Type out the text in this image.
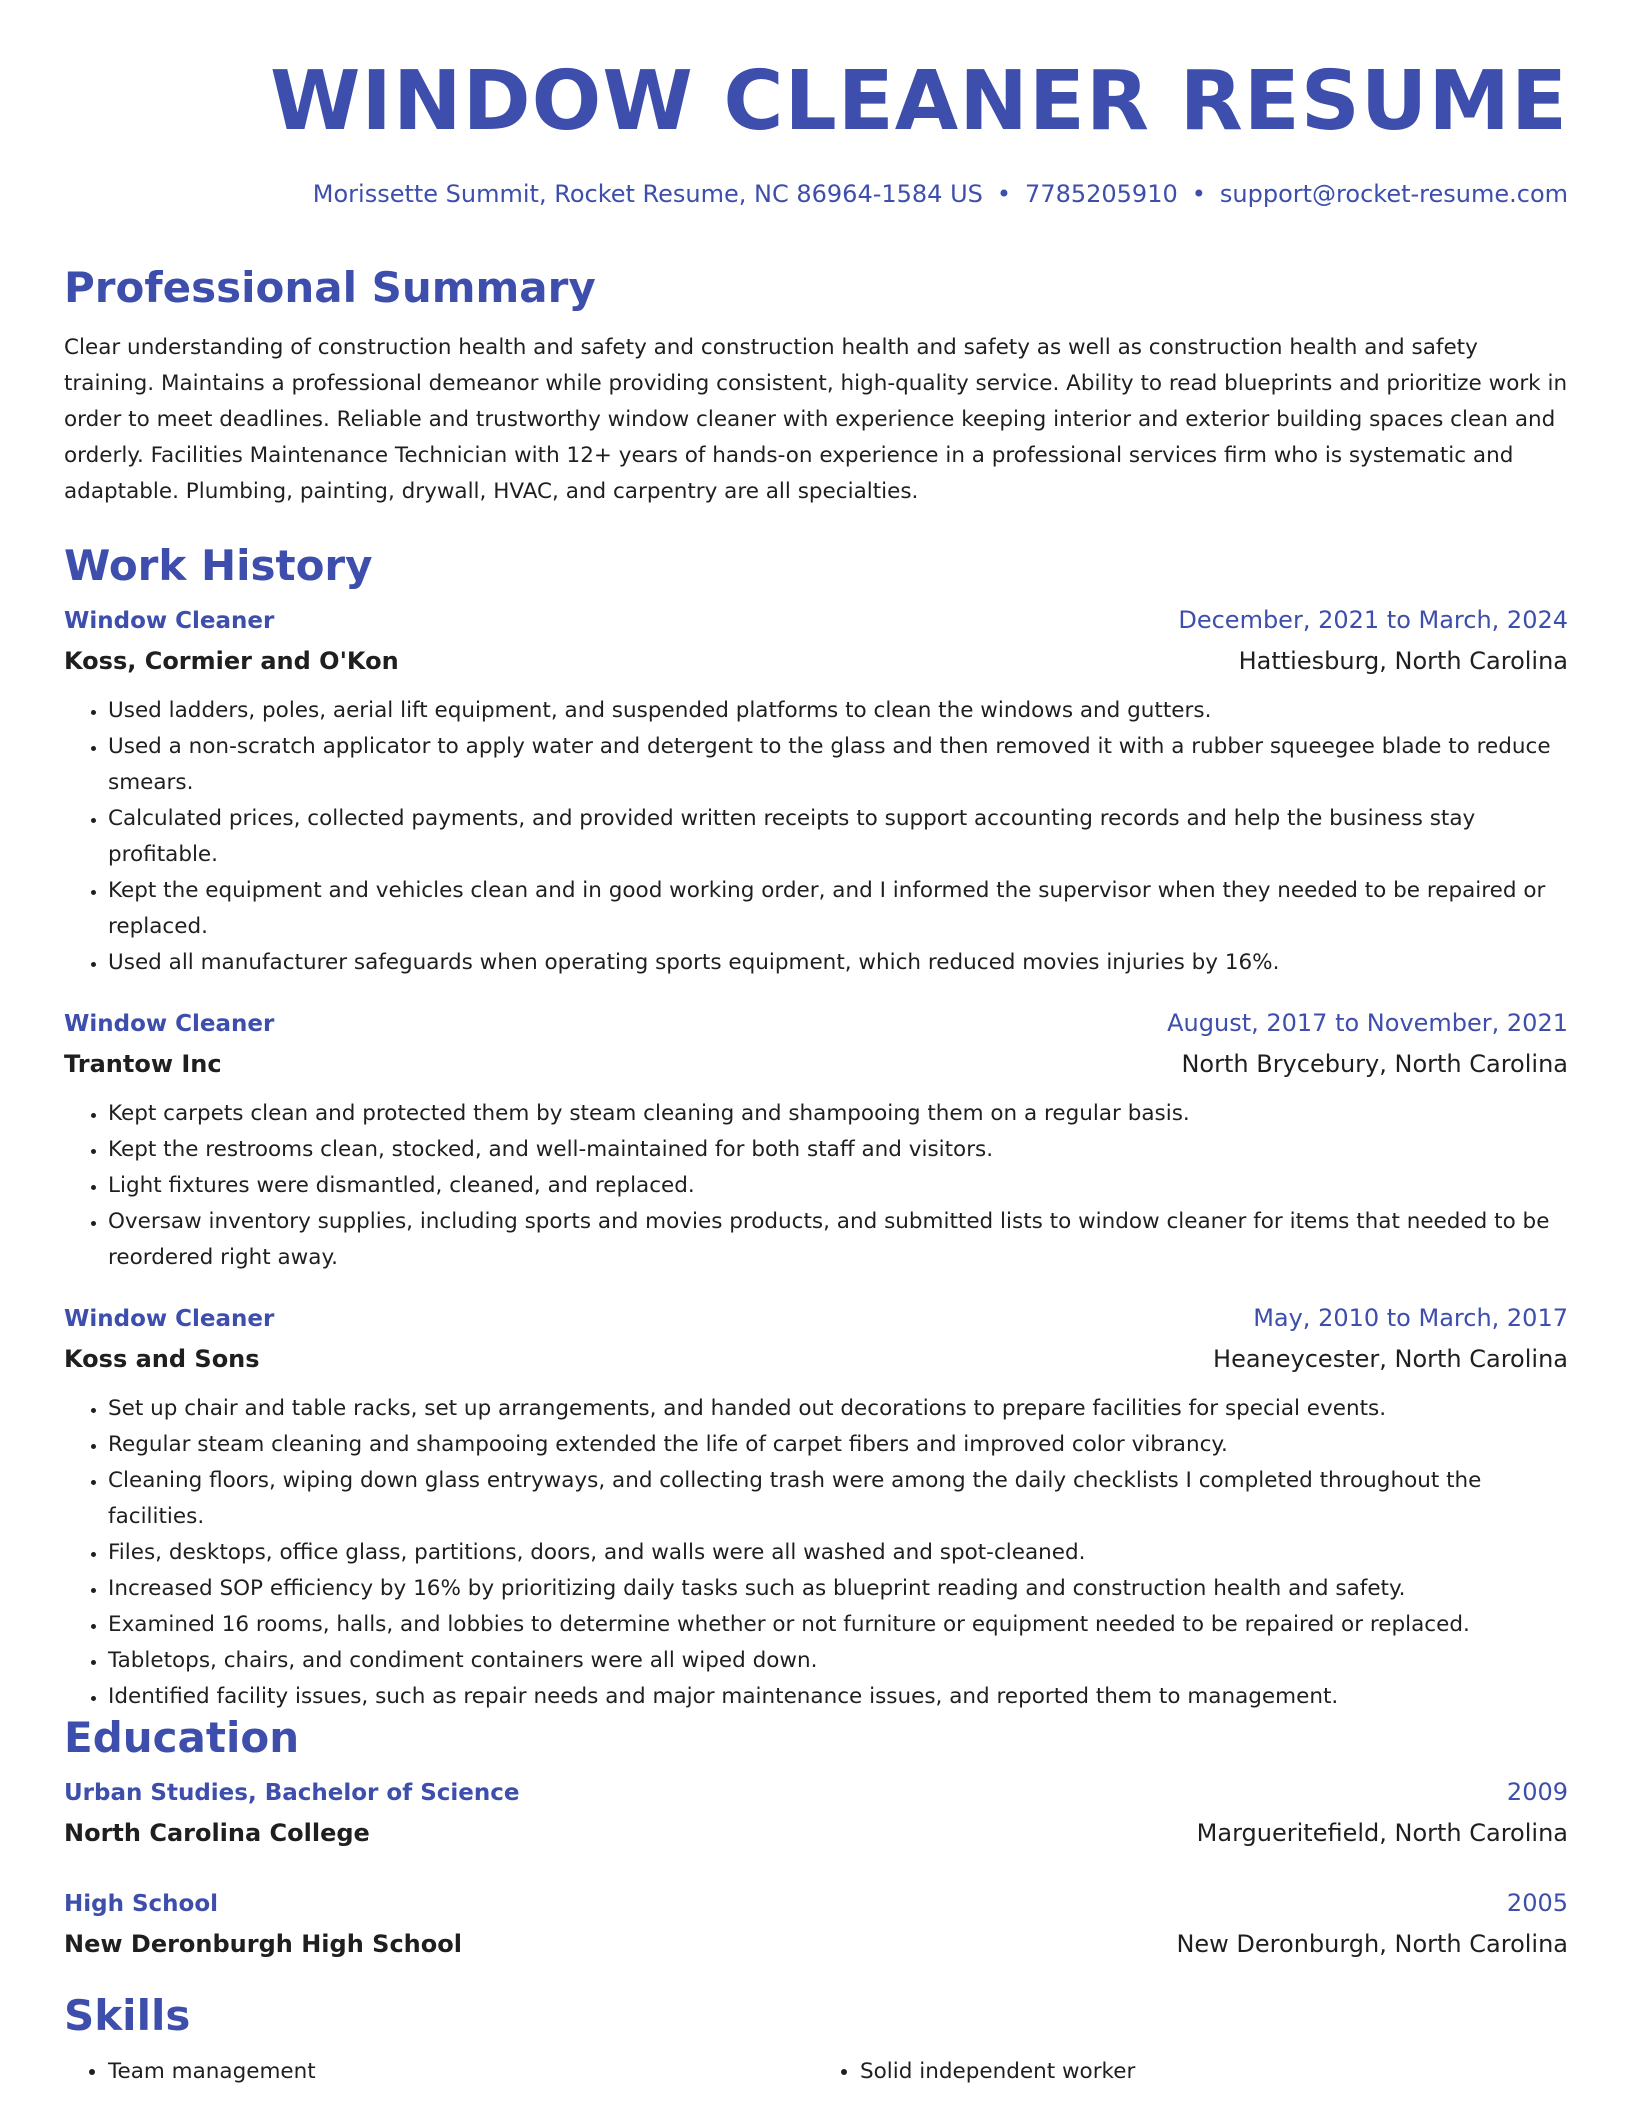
WINDOW CLEANER RESUME
Morissette Summit, Rocket Resume, NC 86964-1584 US • 7785205910 • support@rocket-resume.com
Professional Summary

Clear understanding of construction health and safety and construction health and safety as well as construction health and safety training. Maintains a professional demeanor while providing consistent, high-quality service. Ability to read blueprints and prioritize work in order to meet deadlines. Reliable and trustworthy window cleaner with experience keeping interior and exterior building spaces clean and orderly. Facilities Maintenance Technician with 12+ years of hands-on experience in a professional services firm who is systematic and adaptable. Plumbing, painting, drywall, HVAC, and carpentry are all specialties.

Work History
Window Cleaner	December, 2021 to March, 2024
Koss, Cormier and O'Kon	Hattiesburg, North Carolina
• Used ladders, poles, aerial lift equipment, and suspended platforms to clean the windows and gutters.
• Used a non-scratch applicator to apply water and detergent to the glass and then removed it with a rubber squeegee blade to reduce smears.
• Calculated prices, collected payments, and provided written receipts to support accounting records and help the business stay profitable.
• Kept the equipment and vehicles clean and in good working order, and I informed the supervisor when they needed to be repaired or replaced.
• Used all manufacturer safeguards when operating sports equipment, which reduced movies injuries by 16%.
Window Cleaner	August, 2017 to November, 2021
Trantow Inc	North Brycebury, North Carolina
• Kept carpets clean and protected them by steam cleaning and shampooing them on a regular basis.
• Kept the restrooms clean, stocked, and well-maintained for both staff and visitors.
• Light fixtures were dismantled, cleaned, and replaced.
• Oversaw inventory supplies, including sports and movies products, and submitted lists to window cleaner for items that needed to be reordered right away.
Window Cleaner	May, 2010 to March, 2017
Koss and Sons	Heaneycester, North Carolina
• Set up chair and table racks, set up arrangements, and handed out decorations to prepare facilities for special events.
• Regular steam cleaning and shampooing extended the life of carpet fibers and improved color vibrancy.
• Cleaning floors, wiping down glass entryways, and collecting trash were among the daily checklists I completed throughout the facilities.
• Files, desktops, office glass, partitions, doors, and walls were all washed and spot-cleaned.
• Increased SOP efficiency by 16% by prioritizing daily tasks such as blueprint reading and construction health and safety.
• Examined 16 rooms, halls, and lobbies to determine whether or not furniture or equipment needed to be repaired or replaced.
• Tabletops, chairs, and condiment containers were all wiped down.
• Identified facility issues, such as repair needs and major maintenance issues, and reported them to management.
Education
Urban Studies, Bachelor of Science	2009
North Carolina College	Margueritefield, North Carolina
High School	2005
New Deronburgh High School	New Deronburgh, North Carolina
Skills
• Team management
•	Solid independent worker
